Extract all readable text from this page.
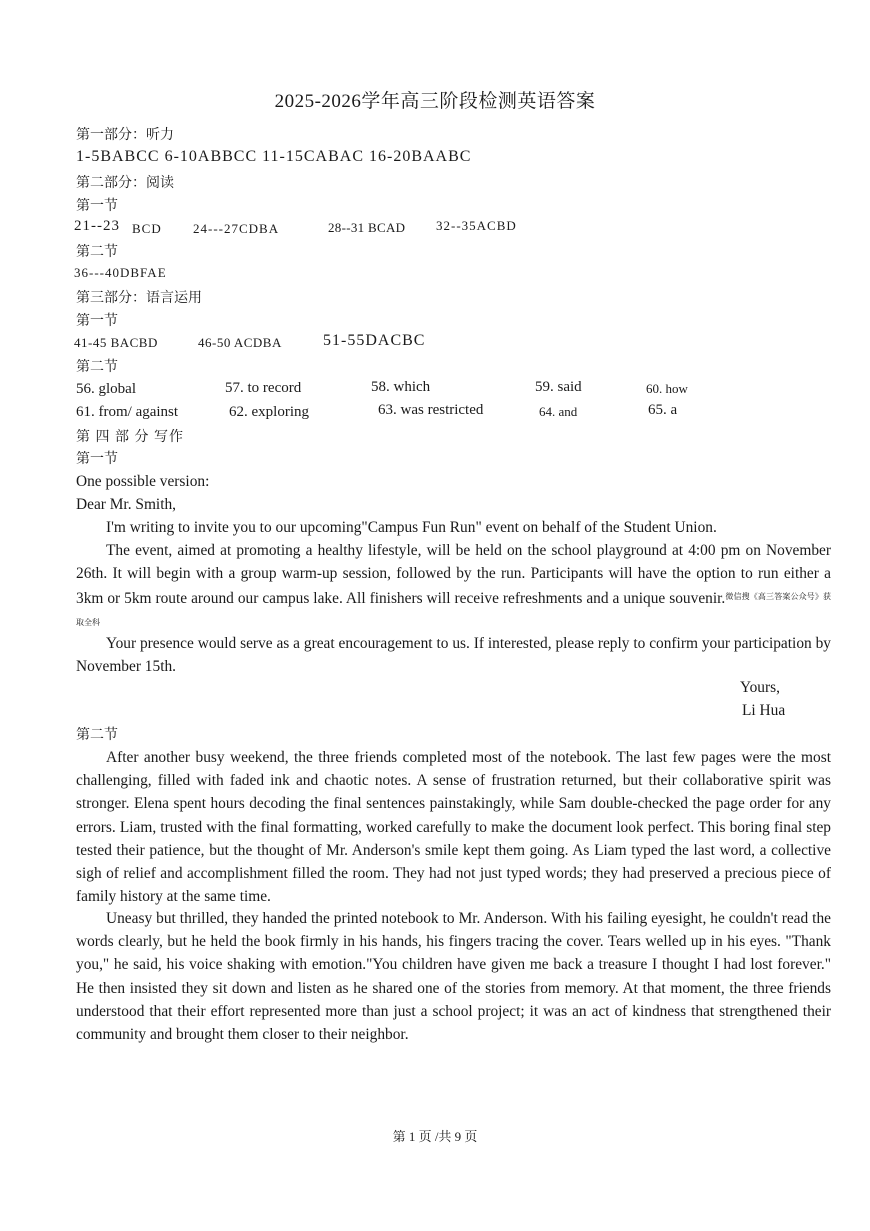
2025-2026学年高三阶段检测英语答案
第一部分：听力
1-5BABCC 6-10ABBCC 11-15CABAC 16-20BAABC
第二部分：阅读
第一节
21--23 BCD 24---27CDBA	28--31 BCAD 32--35ACBD
第二节
36---40DBFAE
第三部分：语言运用
第一节
41-45 BACBD	46-50 ACDBA	51-55DACBC
第二节
56. global	57. to record	58. which	59. said	60. how
61. from/ against	62. exploring	63. was restricted	64. and	65. a
第 四 部 分 写作
第一节
One possible version:
Dear Mr. Smith,

I'm writing to invite you to our upcoming"Campus Fun Run" event on behalf of the Student Union.

The event, aimed at promoting a healthy lifestyle, will be held on the school playground at 4:00 pm on November 26th. It will begin with a group warm-up session, followed by the run. Participants will have the option to run either a 3km or 5km route around our campus lake. All finishers will receive refreshments and a unique souvenir.$^{微信搜《高三答案公众号》获取全科}$

Your presence would serve as a great encouragement to us. If interested, please reply to confirm your participation by November 15th.

Yours,
Li Hua
第二节

After another busy weekend, the three friends completed most of the notebook. The last few pages were the most challenging, filled with faded ink and chaotic notes. A sense of frustration returned, but their collaborative spirit was stronger. Elena spent hours decoding the final sentences painstakingly, while Sam double-checked the page order for any errors. Liam, trusted with the final formatting, worked carefully to make the document look perfect. This boring final step tested their patience, but the thought of Mr. Anderson's smile kept them going. As Liam typed the last word, a collective sigh of relief and accomplishment filled the room. They had not just typed words; they had preserved a precious piece of family history at the same time.

Uneasy but thrilled, they handed the printed notebook to Mr. Anderson. With his failing eyesight, he couldn't read the words clearly, but he held the book firmly in his hands, his fingers tracing the cover. Tears welled up in his eyes. "Thank you," he said, his voice shaking with emotion."You children have given me back a treasure I thought I had lost forever." He then insisted they sit down and listen as he shared one of the stories from memory. At that moment, the three friends understood that their effort represented more than just a school project; it was an act of kindness that strengthened their community and brought them closer to their neighbor.

第 1 页 /共 9 页
